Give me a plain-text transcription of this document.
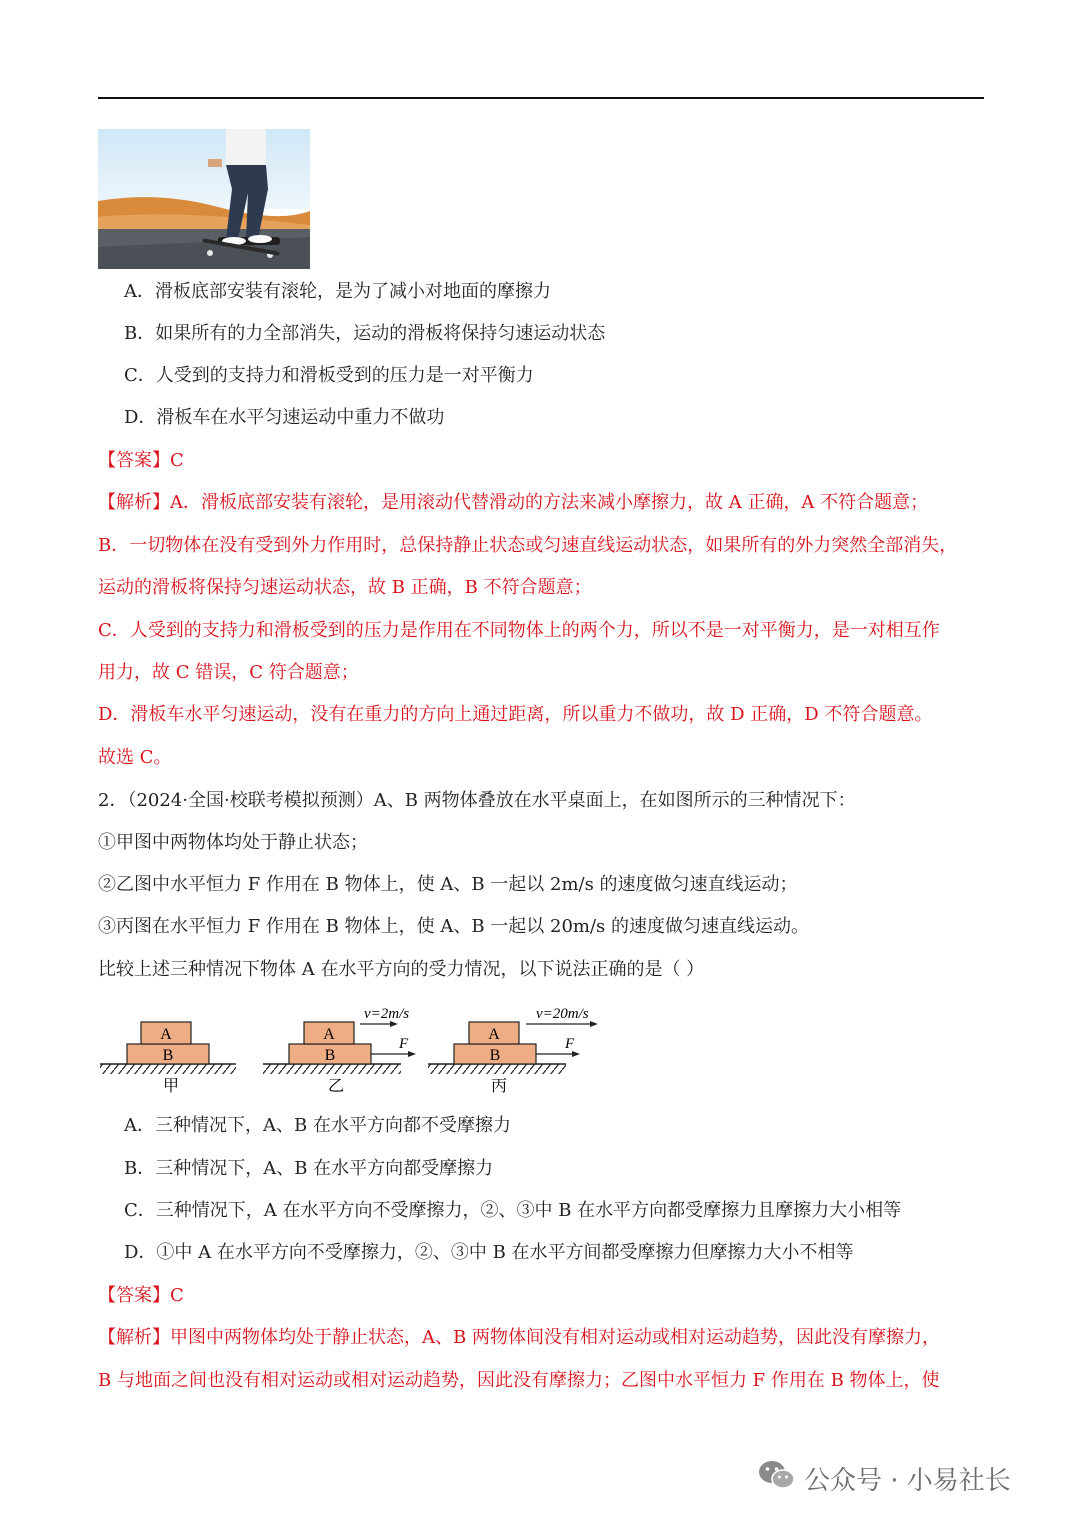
A．滑板底部安装有滚轮，是为了减小对地面的摩擦力
B．如果所有的力全部消失，运动的滑板将保持匀速运动状态
C．人受到的支持力和滑板受到的压力是一对平衡力
D．滑板车在水平匀速运动中重力不做功
【答案】C
【解析】A．滑板底部安装有滚轮，是用滚动代替滑动的方法来减小摩擦力，故 A 正确，A 不符合题意；
B．一切物体在没有受到外力作用时，总保持静止状态或匀速直线运动状态，如果所有的外力突然全部消失，
运动的滑板将保持匀速运动状态，故 B 正确，B 不符合题意；
C．人受到的支持力和滑板受到的压力是作用在不同物体上的两个力，所以不是一对平衡力，是一对相互作
用力，故 C 错误，C 符合题意；
D．滑板车水平匀速运动，没有在重力的方向上通过距离，所以重力不做功，故 D 正确，D 不符合题意。
故选 C。
2．（2024·全国·校联考模拟预测）A、B 两物体叠放在水平桌面上，在如图所示的三种情况下：
①甲图中两物体均处于静止状态；
②乙图中水平恒力 F 作用在 B 物体上，使 A、B 一起以 2m/s 的速度做匀速直线运动；
③丙图在水平恒力 F 作用在 B 物体上，使 A、B 一起以 20m/s 的速度做匀速直线运动。
比较上述三种情况下物体 A 在水平方向的受力情况，以下说法正确的是（ ）
A
B
甲
A
B
v=2m/s
F
乙
A
B
v=20m/s
F
丙
A．三种情况下，A、B 在水平方向都不受摩擦力
B．三种情况下，A、B 在水平方向都受摩擦力
C．三种情况下，A 在水平方向不受摩擦力，②、③中 B 在水平方向都受摩擦力且摩擦力大小相等
D．①中 A 在水平方向不受摩擦力，②、③中 B 在水平方间都受摩擦力但摩擦力大小不相等
【答案】C
【解析】甲图中两物体均处于静止状态，A、B 两物体间没有相对运动或相对运动趋势，因此没有摩擦力，
B 与地面之间也没有相对运动或相对运动趋势，因此没有摩擦力；乙图中水平恒力 F 作用在 B 物体上，使
公众号 · 小易社长
